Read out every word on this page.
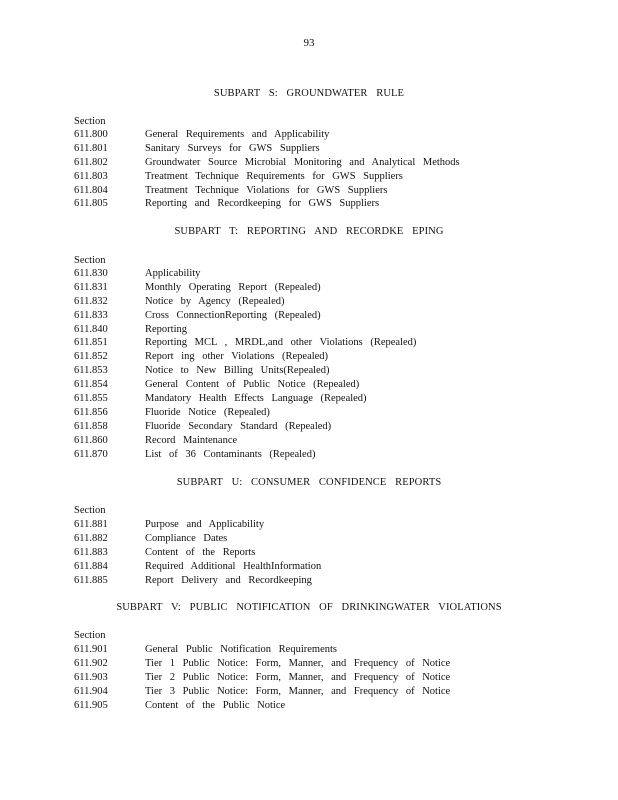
93
SUBPART S: GROUNDWATER RULE
Section
611.800	General Requirements and Applicability
611.801	Sanitary Surveys for GWS Suppliers
611.802	Groundwater Source Microbial Monitoring and Analytical Methods
611.803	Treatment Technique Requirements for GWS Suppliers
611.804	Treatment Technique Violations for GWS Suppliers
611.805	Reporting and Recordkeeping for GWS Suppliers
SUBPART T: REPORTING AND RECORDKE EPING
Section
611.830	Applicability
611.831	Monthly Operating Report (Repealed)
611.832	Notice by Agency (Repealed)
611.833	Cross ConnectionReporting (Repealed)
611.840	Reporting
611.851	Reporting MCL , MRDL,and other Violations (Repealed)
611.852	Report ing other Violations (Repealed)
611.853	Notice to New Billing Units(Repealed)
611.854	General Content of Public Notice (Repealed)
611.855	Mandatory Health Effects Language (Repealed)
611.856	Fluoride Notice (Repealed)
611.858	Fluoride Secondary Standard (Repealed)
611.860	Record Maintenance
611.870	List of 36 Contaminants (Repealed)
SUBPART U: CONSUMER CONFIDENCE REPORTS
Section
611.881	Purpose and Applicability
611.882	Compliance Dates
611.883	Content of the Reports
611.884	Required Additional HealthInformation
611.885	Report Delivery and Recordkeeping
SUBPART V: PUBLIC NOTIFICATION OF DRINKINGWATER VIOLATIONS
Section
611.901	General Public Notification Requirements
611.902	Tier 1 Public Notice: Form, Manner, and Frequency of Notice
611.903	Tier 2 Public Notice: Form, Manner, and Frequency of Notice
611.904	Tier 3 Public Notice: Form, Manner, and Frequency of Notice
611.905	Content of the Public Notice
